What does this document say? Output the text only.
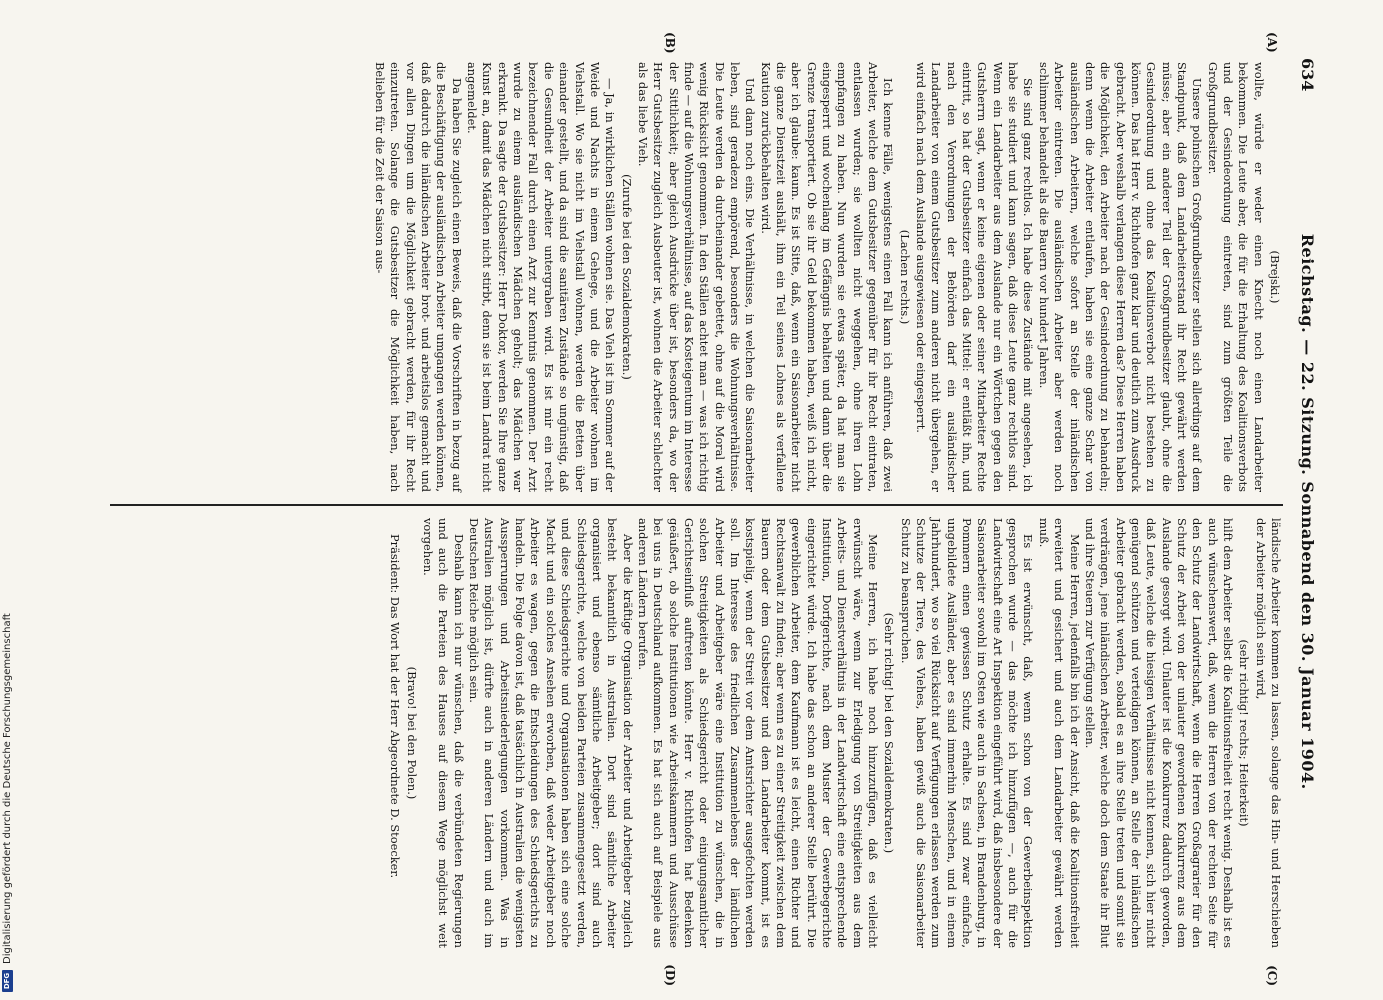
634
Reichstag. — 22. Sitzung. Sonnabend den 30. Januar 1904.
(A)
(B)
(C)
(D)

(Brejski.)

wollte, würde er weder einen Knecht noch einen Landarbeiter bekommen. Die Leute aber, die für die Erhaltung des Koalitionsverbots und der Gesindeordnung eintreten, sind zum größten Teile die Großgrundbesitzer.

Unsere polnischen Großgrundbesitzer stellen sich allerdings auf dem Standpunkt, daß dem Landarbeiterstand ihr Recht gewährt werden müsse; aber ein anderer Teil der Großgrundbesitzer glaubt, ohne die Gesindeordnung und ohne das Koalitionsverbot nicht bestehen zu können. Das hat Herr v. Richthofen ganz klar und deutlich zum Ausdruck gebracht. Aber weshalb verlangen diese Herren das? Diese Herren haben die Möglichkeit, den Arbeiter nach der Gesindeordnung zu behandeln; denn wenn die Arbeiter entlaufen, haben sie eine ganze Schar von ausländischen Arbeitern, welche sofort an Stelle der inländischen Arbeiter eintreten. Die ausländischen Arbeiter aber werden noch schlimmer behandelt als die Bauern vor hundert Jahren.

Sie sind ganz rechtlos. Ich habe diese Zustände mit angesehen, ich habe sie studiert und kann sagen, daß diese Leute ganz rechtlos sind. Wenn ein Landarbeiter aus dem Auslande nur ein Wörtchen gegen den Gutsherrn sagt, wenn er keine eigenen oder seiner Mitarbeiter Rechte eintritt, so hat der Gutsbesitzer einfach das Mittel: er entläßt ihn, und nach den Verordnungen der Behörden darf ein ausländischer Landarbeiter von einem Gutsbesitzer zum anderen nicht übergehen, er wird einfach nach dem Auslande ausgewiesen oder eingesperrt.

(Lachen rechts.)

Ich kenne Fälle, wenigstens einen Fall kann ich anführen, daß zwei Arbeiter, welche dem Gutsbesitzer gegenüber für ihr Recht eintraten, entlassen wurden; sie wollten nicht weggehen, ohne ihren Lohn empfangen zu haben. Nun wurden sie etwas später, da hat man sie eingesperrt und wochenlang im Gefängnis behalten und dann über die Grenze transportiert. Ob sie ihr Geld bekommen haben, weiß ich nicht, aber ich glaube: kaum. Es ist Sitte, daß, wenn ein Saisonarbeiter nicht die ganze Dienstzeit aushält, ihm ein Teil seines Lohnes als verfallene Kaution zurückbehalten wird.

Und dann noch eins. Die Verhältnisse, in welchen die Saisonarbeiter leben, sind geradezu empörend, besonders die Wohnungsverhältnisse. Die Leute werden da durcheinander gebettet, ohne auf die Moral wird wenig Rücksicht genommen. In den Ställen achtet man — was ich richtig finde — auf die Wohnungsverhältnisse, auf das Kosteigentum im Interesse der Sittlichkeit; aber gleich Ausdrücke über ist, besonders da, wo der Herr Gutsbesitzer zugleich Ausbeuter ist, wohnen die Arbeiter schlechter als das liebe Vieh.

(Zurufe bei den Sozialdemokraten.)

— Ja, in wirklichen Ställen wohnen sie. Das Vieh ist im Sommer auf der Weide und Nachts in einem Gehege, und die Arbeiter wohnen im Viehstall. Wo sie nicht im Viehstall wohnen, werden die Betten über einander gestellt, und da sind die sanitären Zustände so ungünstig, daß die Gesundheit der Arbeiter untergraben wird. Es ist mir ein recht bezeichnender Fall durch einen Arzt zur Kenntnis genommen. Der Arzt wurde zu einem ausländischen Mädchen geholt; das Mädchen war erkrankt. Da sagte der Gutsbesitzer: Herr Doktor, werden Sie Ihre ganze Kunst an, damit das Mädchen nicht stirbt, denn sie ist beim Landrat nicht angemeldet.

Da haben Sie zugleich einen Beweis, daß die Vorschriften in bezug auf die Beschäftigung der ausländischen Arbeiter umgangen werden können, daß dadurch die inländischen Arbeiter brot- und arbeitslos gemacht und vor allen Dingen um die Möglichkeit gebracht werden, für ihr Recht einzutreten. Solange die Gutsbesitzer die Möglichkeit haben, nach Belieben für die Zeit der Saison aus-

ländische Arbeiter kommen zu lassen, solange das Hin- und Herschieben der Arbeiter möglich sein wird,

(sehr richtig! rechts; Heiterkeit)

hilft dem Arbeiter selbst die Koalitionsfreiheit recht wenig. Deshalb ist es auch wünschenswert, daß, wenn die Herren von der rechten Seite für den Schutz der Landwirtschaft, wenn die Herren Großagrarier für den Schutz der Arbeit von der unlauter gewordenen Konkurrenz aus dem Auslande gesorgt wird. Unlauter ist die Konkurrenz dadurch geworden, daß Leute, welche die hiesigen Verhältnisse nicht kennen, sich hier nicht genügend schützen und verteidigen können, an Stelle der inländischen Arbeiter gebracht werden, sobald es an ihre Stelle treten und somit sie verdrängen, jene inländischen Arbeiter, welche doch dem Staate ihr Blut und ihre Steuern zur Verfügung stellen.

Meine Herren, jedenfalls bin ich der Ansicht, daß die Koalitionsfreiheit erweitert und gesichert und auch dem Landarbeiter gewährt werden muß.

Es ist erwünscht, daß, wenn schon von der Gewerbeinspektion gesprochen wurde — das möchte ich hinzufügen —, auch für die Landwirtschaft eine Art Inspektion eingeführt wird, daß insbesondere der Saisonarbeiter sowohl im Osten wie auch in Sachsen, in Brandenburg, in Pommern einen gewissen Schutz erhalte. Es sind zwar einfache, ungebildete Ausländer, aber es sind immerhin Menschen, und in einem Jahrhundert, wo so viel Rücksicht auf Verfügungen erlassen werden zum Schutze der Tiere, des Viehes, haben gewiß auch die Saisonarbeiter Schutz zu beanspruchen.

(Sehr richtig! bei den Sozialdemokraten.)

Meine Herren, ich habe noch hinzuzufügen, daß es vielleicht erwünscht wäre, wenn zur Erledigung von Streitigkeiten aus dem Arbeits- und Dienstverhältnis in der Landwirtschaft eine entsprechende Institution, Dorfgerichte, nach dem Muster der Gewerbegerichte eingerichtet würde. Ich habe das schon an anderer Stelle berührt. Die gewerblichen Arbeiter, dem Kaufmann ist es leicht, einen Richter und Rechtsanwalt zu finden; aber wenn es zu einer Streitigkeit zwischen dem Bauern oder dem Gutsbesitzer und dem Landarbeiter kommt, ist es kostspielig, wenn der Streit vor dem Amtsrichter ausgefochten werden soll. Im Interesse des friedlichen Zusammenlebens der ländlichen Arbeiter und Arbeitgeber wäre eine Institution zu wünschen, die in solchen Streitigkeiten als Schiedsgericht oder einigungsamtlicher Gerichtseinfluß auftreten könnte. Herr v. Richthofen hat Bedenken geäußert, ob solche Institutionen wie Arbeitskammern und Ausschüsse bei uns in Deutschland aufkommen. Es hat sich auch auf Beispiele aus anderen Ländern berufen.

Aber die kräftige Organisation der Arbeiter und Arbeitgeber zugleich besteht bekanntlich in Australien. Dort sind sämtliche Arbeiter organisiert und ebenso sämtliche Arbeitgeber; dort sind auch Schiedsgerichte, welche von beiden Parteien zusammengesetzt werden, und diese Schiedsgerichte und Organisationen haben sich eine solche Macht und ein solches Ansehen erworben, daß weder Arbeitgeber noch Arbeiter es wagen, gegen die Entscheidungen des Schiedsgerichts zu handeln. Die Folge davon ist, daß tatsächlich in Australien die wenigsten Aussperrungen und Arbeitsniederlegungen vorkommen. Was in Australien möglich ist, dürfte auch in anderen Ländern und auch im Deutschen Reiche möglich sein.

Deshalb kann ich nur wünschen, daß die verbündeten Regierungen und auch die Parteien des Hauses auf diesem Wege möglichst weit vorgehen.

(Bravo! bei den Polen.)

Präsident: Das Wort hat der Herr Abgeordnete D. Stoecker.

DFG
Digitalisierung gefördert durch die Deutsche Forschungsgemeinschaft
